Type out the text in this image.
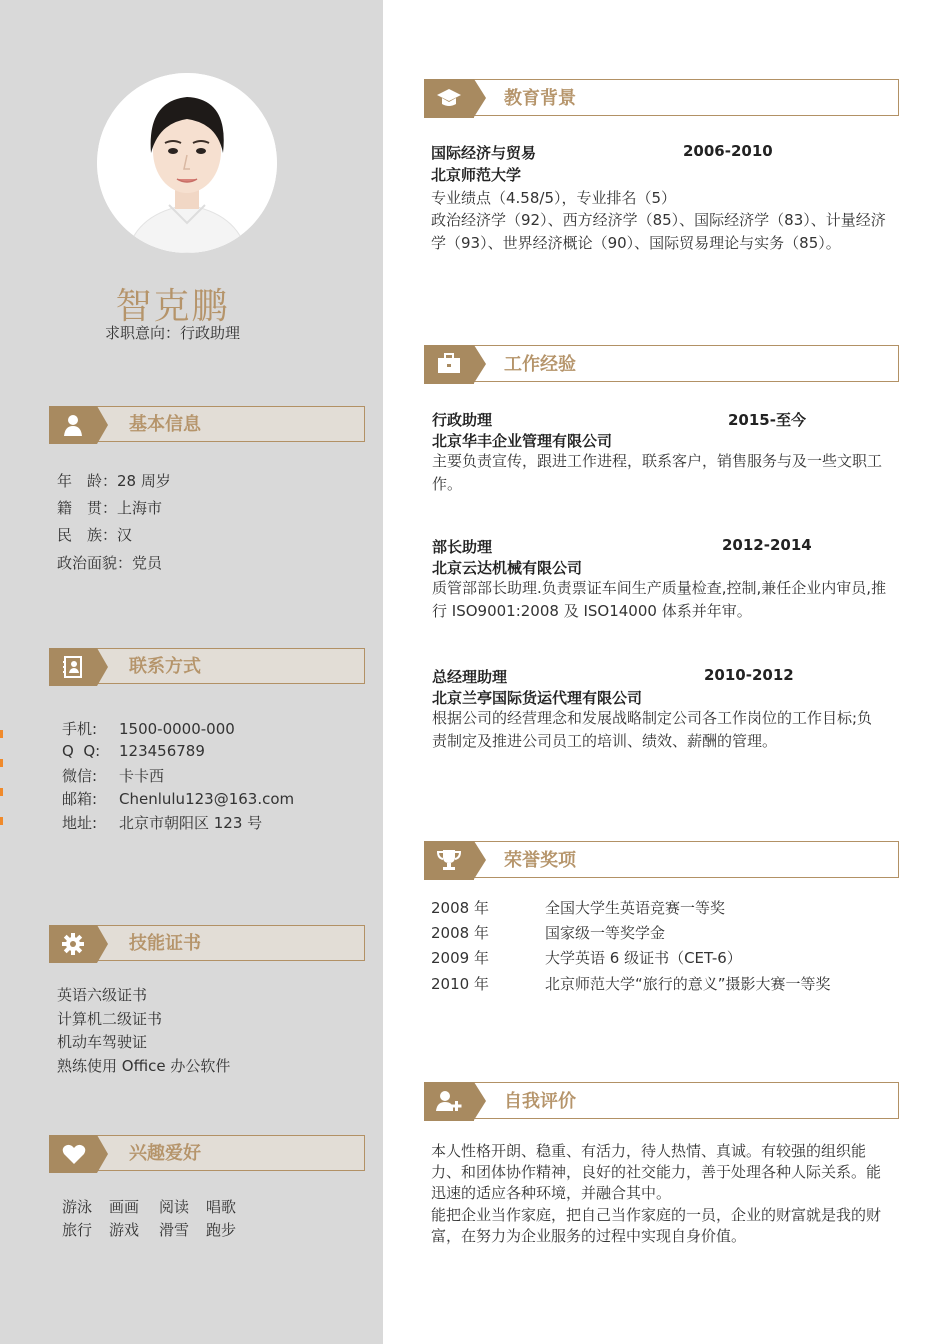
智克鹏
求职意向：行政助理
基本信息
年　龄：28 周岁
籍　贯：上海市
民　族：汉
政治面貌：党员
联系方式
手机: 1500-0000-000
Q  Q: 123456789
微信: 卡卡西
邮箱: Chenlulu123@163.com
地址: 北京市朝阳区 123 号
技能证书
英语六级证书
计算机二级证书
机动车驾驶证
熟练使用 Office 办公软件
兴趣爱好
游泳 画画 阅读 唱歌
旅行 游戏 滑雪 跑步
教育背景
国际经济与贸易	2006-2010
北京师范大学
专业绩点（4.58/5），专业排名（5）
政治经济学（92）、西方经济学（85）、国际经济学（83）、计量经济学（93）、世界经济概论（90）、国际贸易理论与实务（85）。
工作经验
行政助理	2015-至今
北京华丰企业管理有限公司
主要负责宣传，跟进工作进程，联系客户，销售服务与及一些文职工作。
部长助理	2012-2014
北京云达机械有限公司
质管部部长助理.负责票证车间生产质量检查,控制,兼任企业内审员,推行 ISO9001:2008 及 ISO14000 体系并年审。
总经理助理	2010-2012
北京兰亭国际货运代理有限公司
根据公司的经营理念和发展战略制定公司各工作岗位的工作目标;负责制定及推进公司员工的培训、绩效、薪酬的管理。
荣誉奖项
2008 年	全国大学生英语竞赛一等奖
2008 年	国家级一等奖学金
2009 年	大学英语 6 级证书（CET-6）
2010 年	北京师范大学“旅行的意义”摄影大赛一等奖
自我评价
本人性格开朗、稳重、有活力，待人热情、真诚。有较强的组织能力、和团体协作精神，良好的社交能力，善于处理各种人际关系。能迅速的适应各种环境，并融合其中。
能把企业当作家庭，把自己当作家庭的一员，企业的财富就是我的财富，在努力为企业服务的过程中实现自身价值。
